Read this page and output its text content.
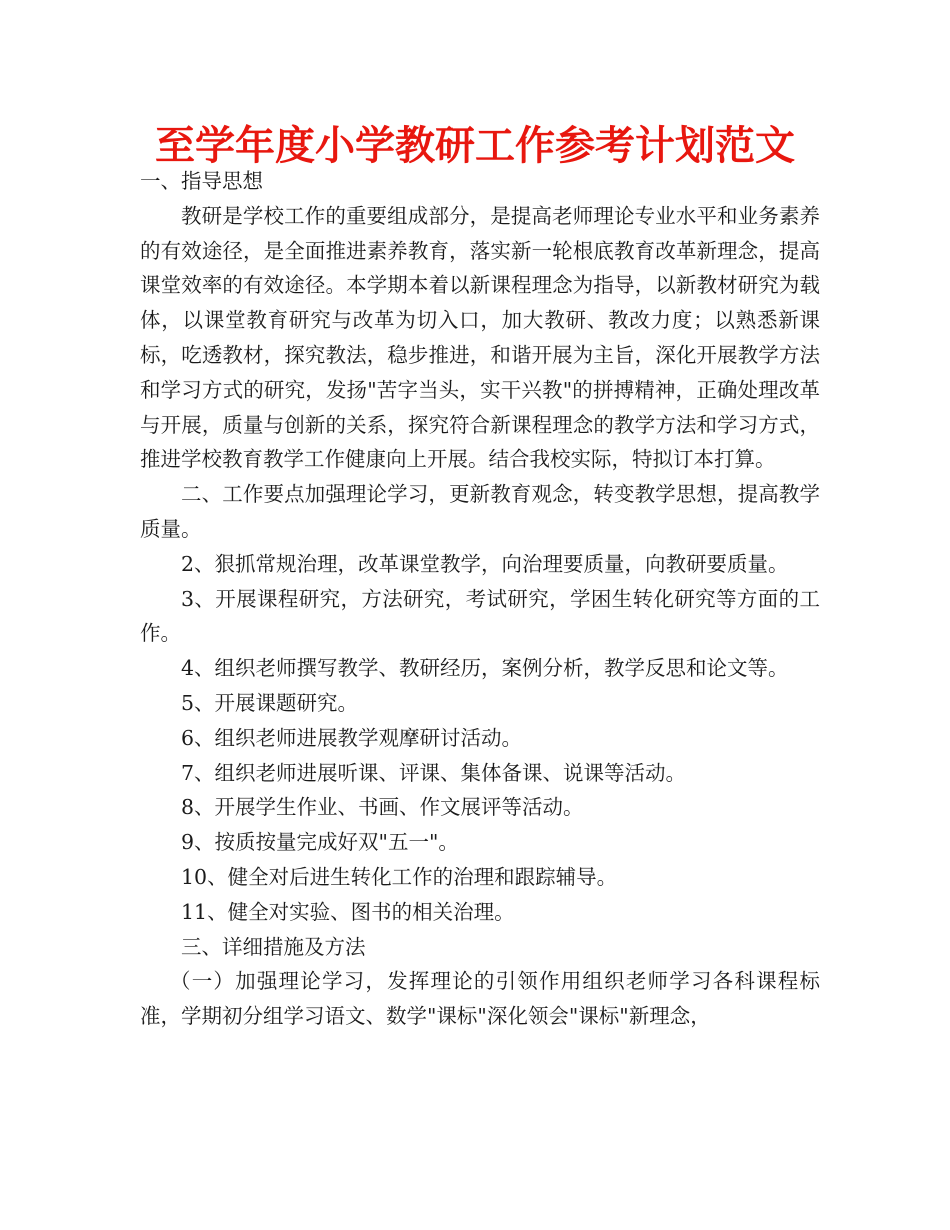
至学年度小学教研工作参考计划范文

一、指导思想

教研是学校工作的重要组成部分，是提高老师理论专业水平和业务素养的有效途径，是全面推进素养教育，落实新一轮根底教育改革新理念，提高课堂效率的有效途径。本学期本着以新课程理念为指导，以新教材研究为载体，以课堂教育研究与改革为切入口，加大教研、教改力度；以熟悉新课标，吃透教材，探究教法，稳步推进，和谐开展为主旨，深化开展教学方法和学习方式的研究，发扬"苦字当头，实干兴教"的拼搏精神，正确处理改革与开展，质量与创新的关系，探究符合新课程理念的教学方法和学习方式，推进学校教育教学工作健康向上开展。结合我校实际，特拟订本打算。

二、工作要点加强理论学习，更新教育观念，转变教学思想，提高教学质量。

2、狠抓常规治理，改革课堂教学，向治理要质量，向教研要质量。

3、开展课程研究，方法研究，考试研究，学困生转化研究等方面的工作。

4、组织老师撰写教学、教研经历，案例分析，教学反思和论文等。

5、开展课题研究。

6、组织老师进展教学观摩研讨活动。

7、组织老师进展听课、评课、集体备课、说课等活动。

8、开展学生作业、书画、作文展评等活动。

9、按质按量完成好双"五一"。

10、健全对后进生转化工作的治理和跟踪辅导。

11、健全对实验、图书的相关治理。

三、详细措施及方法

（一）加强理论学习，发挥理论的引领作用组织老师学习各科课程标准，学期初分组学习语文、数学"课标"深化领会"课标"新理念，
